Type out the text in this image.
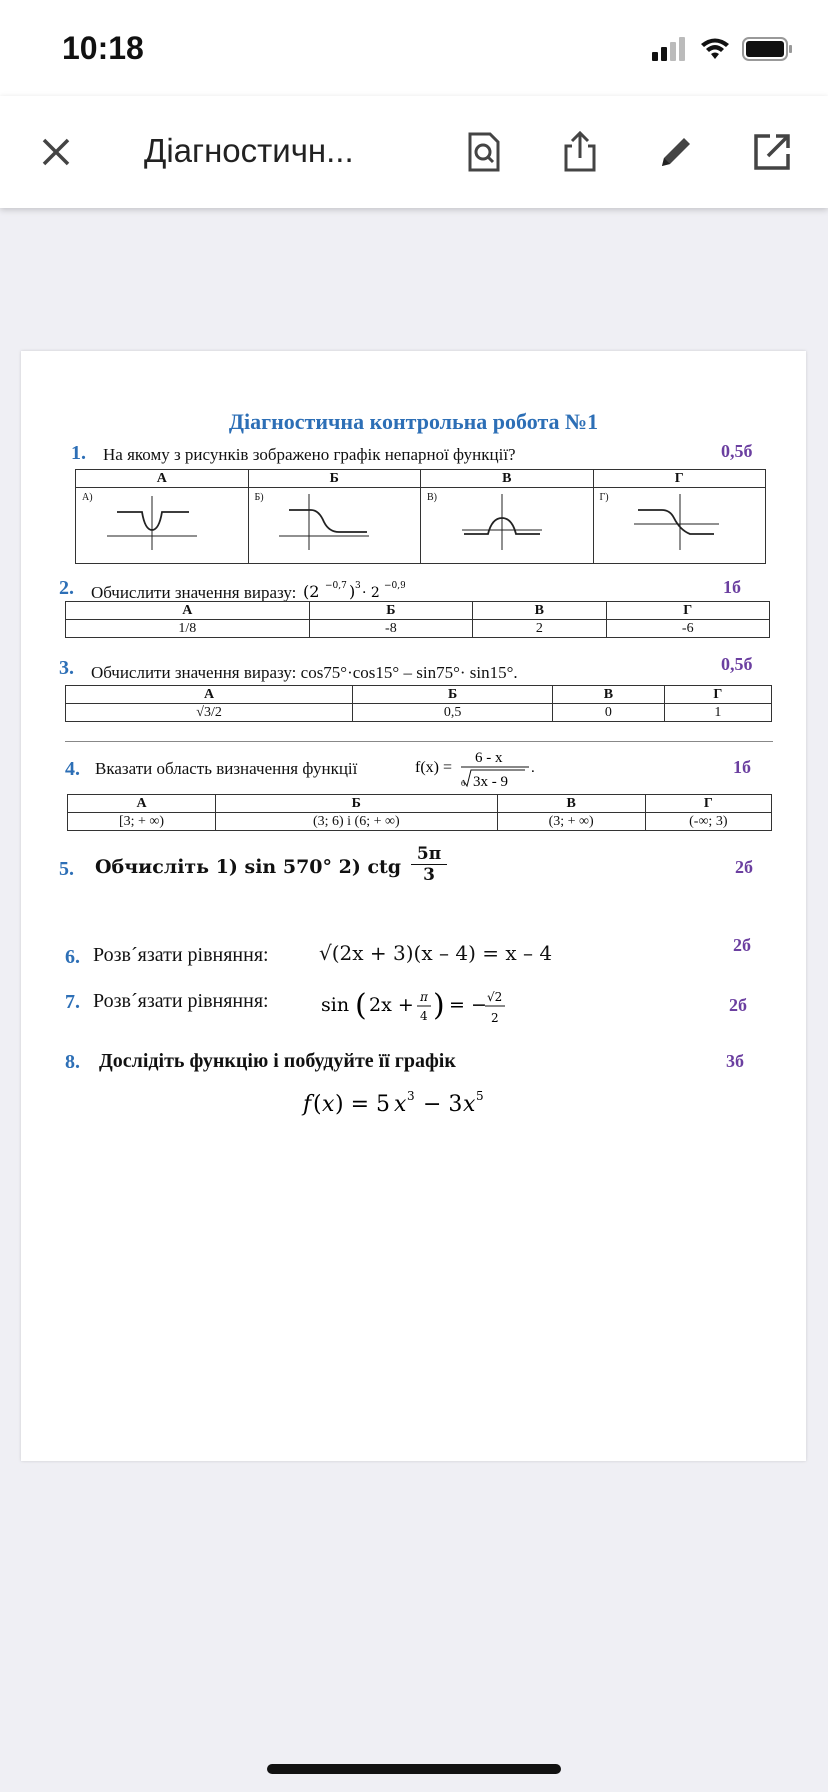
10:18
Діагностичн...
Діагностична контрольна робота №1
1. На якому з рисунків зображено графік непарної функції?	0,5б
А	Б	В	Г

А)	Б)	В)	Г)
2. Обчислити значення виразу: (2 −0,7 ) 3 · 2 −0,9	1б
А	Б	В	Г
1/8	-8	2	-6
3. Обчислити значення виразу: cos75°·cos15° – sin75°· sin15°.	0,5б
А	Б	В	Г
√3/2	0,5	0	1
4. Вказати область визначення функції	f(x) =
6 - x
6 3x - 9
.	1б
А	Б	В	Г
[3; + ∞)	(3; 6) і (6; + ∞)	(3; + ∞)	(-∞; 3)
5. Обчисліть 1) sin 570° 2) ctg $\frac{5\pi}{3}$	2б
6. Розв´язати рівняння:	√(2x + 3)(x – 4) = x – 4	2б
7. Розв´язати рівняння:	sin ( 2x + π
4 ) = − √2
2
2б
8. Дослідіть функцію і побудуйте її графік	3б
f ( x ) = 5 x 3 − 3 x 5
